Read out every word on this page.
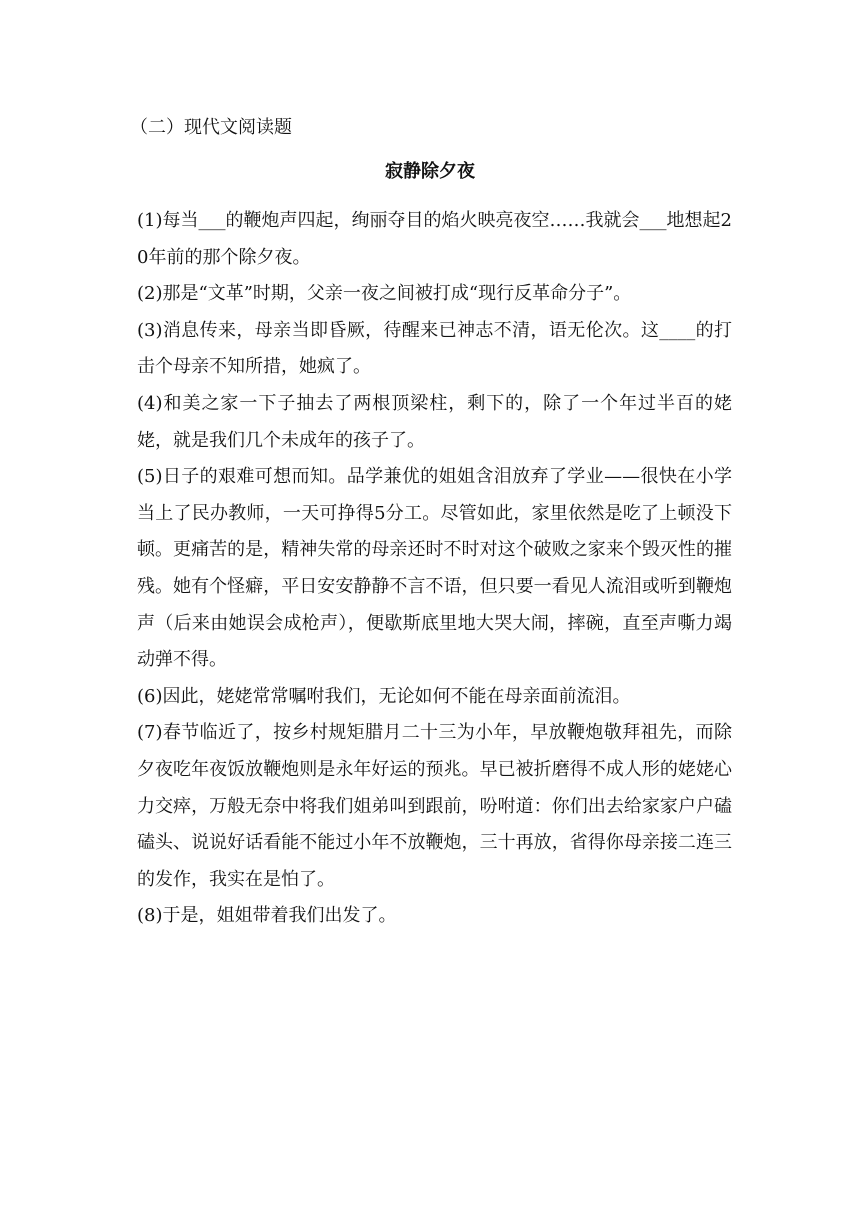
（二）现代文阅读题
寂静除夕夜

(1)每当___的鞭炮声四起，绚丽夺目的焰火映亮夜空……我就会___地想起20年前的那个除夕夜。

(2)那是“文革”时期，父亲一夜之间被打成“现行反革命分子”。

(3)消息传来，母亲当即昏厥，待醒来已神志不清，语无伦次。这____的打击个母亲不知所措，她疯了。

(4)和美之家一下子抽去了两根顶梁柱，剩下的，除了一个年过半百的姥姥，就是我们几个未成年的孩子了。

(5)日子的艰难可想而知。品学兼优的姐姐含泪放弃了学业——很快在小学当上了民办教师，一天可挣得5分工。尽管如此，家里依然是吃了上顿没下顿。更痛苦的是，精神失常的母亲还时不时对这个破败之家来个毁灭性的摧残。她有个怪癖，平日安安静静不言不语，但只要一看见人流泪或听到鞭炮声（后来由她误会成枪声），便歇斯底里地大哭大闹，摔碗，直至声嘶力竭动弹不得。

(6)因此，姥姥常常嘱咐我们，无论如何不能在母亲面前流泪。

(7)春节临近了，按乡村规矩腊月二十三为小年，早放鞭炮敬拜祖先，而除夕夜吃年夜饭放鞭炮则是永年好运的预兆。早已被折磨得不成人形的姥姥心力交瘁，万般无奈中将我们姐弟叫到跟前，吩咐道：你们出去给家家户户磕磕头、说说好话看能不能过小年不放鞭炮，三十再放，省得你母亲接二连三的发作，我实在是怕了。

(8)于是，姐姐带着我们出发了。
